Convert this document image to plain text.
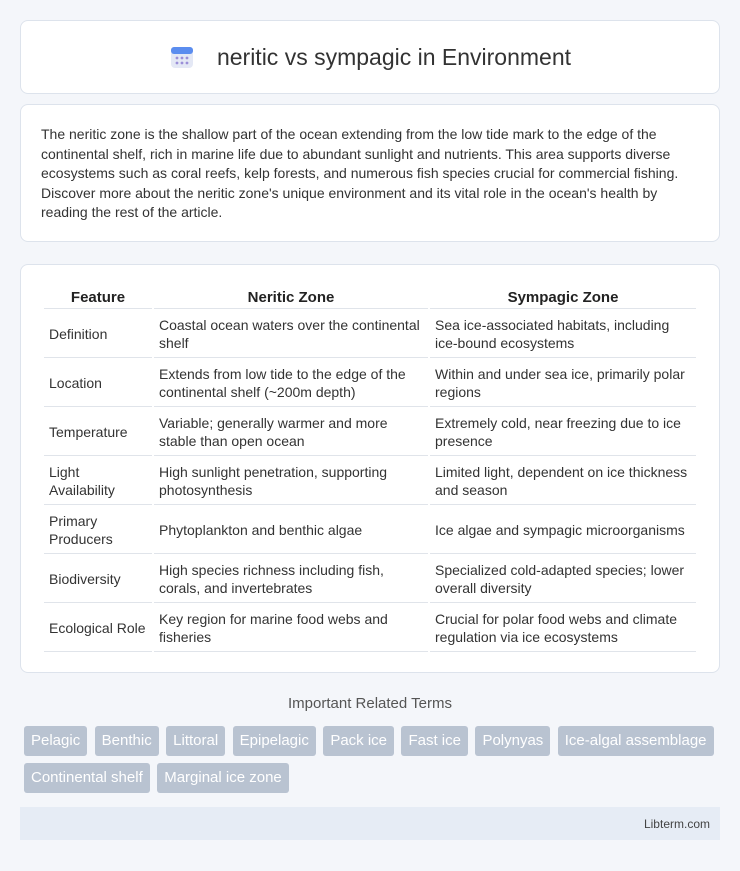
neritic vs sympagic in Environment

The neritic zone is the shallow part of the ocean extending from the low tide mark to the edge of the continental shelf, rich in marine life due to abundant sunlight and nutrients. This area supports diverse ecosystems such as coral reefs, kelp forests, and numerous fish species crucial for commercial fishing. Discover more about the neritic zone's unique environment and its vital role in the ocean's health by reading the rest of the article.

Feature	Neritic Zone	Sympagic Zone
Definition	Coastal ocean waters over the continental shelf	Sea ice-associated habitats, including ice-bound ecosystems
Location	Extends from low tide to the edge of the continental shelf (~200m depth)	Within and under sea ice, primarily polar regions
Temperature	Variable; generally warmer and more stable than open ocean	Extremely cold, near freezing due to ice presence
Light Availability	High sunlight penetration, supporting photosynthesis	Limited light, dependent on ice thickness and season
Primary Producers	Phytoplankton and benthic algae	Ice algae and sympagic microorganisms
Biodiversity	High species richness including fish, corals, and invertebrates	Specialized cold-adapted species; lower overall diversity
Ecological Role	Key region for marine food webs and fisheries	Crucial for polar food webs and climate regulation via ice ecosystems
Important Related Terms
Pelagic Benthic Littoral Epipelagic Pack ice Fast ice Polynyas Ice-algal assemblage Continental shelf Marginal ice zone
Libterm.com
